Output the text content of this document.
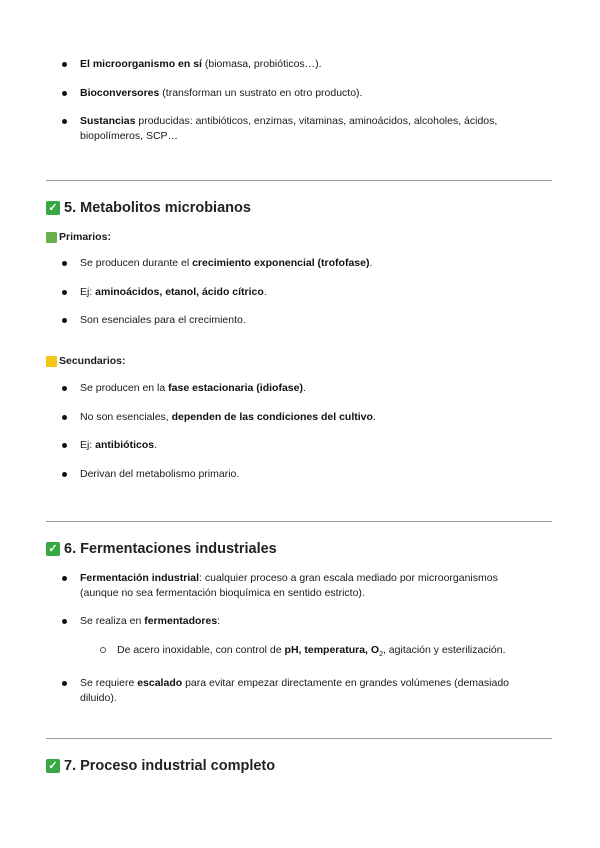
El microorganismo en sí (biomasa, probióticos…).
Bioconversores (transforman un sustrato en otro producto).
Sustancias producidas: antibióticos, enzimas, vitaminas, aminoácidos, alcoholes, ácidos, biopolímeros, SCP…
✓ 5. Metabolitos microbianos
Primarios:
Se producen durante el crecimiento exponencial (trofofase).
Ej: aminoácidos, etanol, ácido cítrico.
Son esenciales para el crecimiento.
Secundarios:
Se producen en la fase estacionaria (idiofase).
No son esenciales, dependen de las condiciones del cultivo.
Ej: antibióticos.
Derivan del metabolismo primario.
✓ 6. Fermentaciones industriales
Fermentación industrial: cualquier proceso a gran escala mediado por microorganismos (aunque no sea fermentación bioquímica en sentido estricto).
Se realiza en fermentadores:
De acero inoxidable, con control de pH, temperatura, $O_2$, agitación y esterilización.
Se requiere escalado para evitar empezar directamente en grandes volúmenes (demasiado diluido).
✓ 7. Proceso industrial completo
